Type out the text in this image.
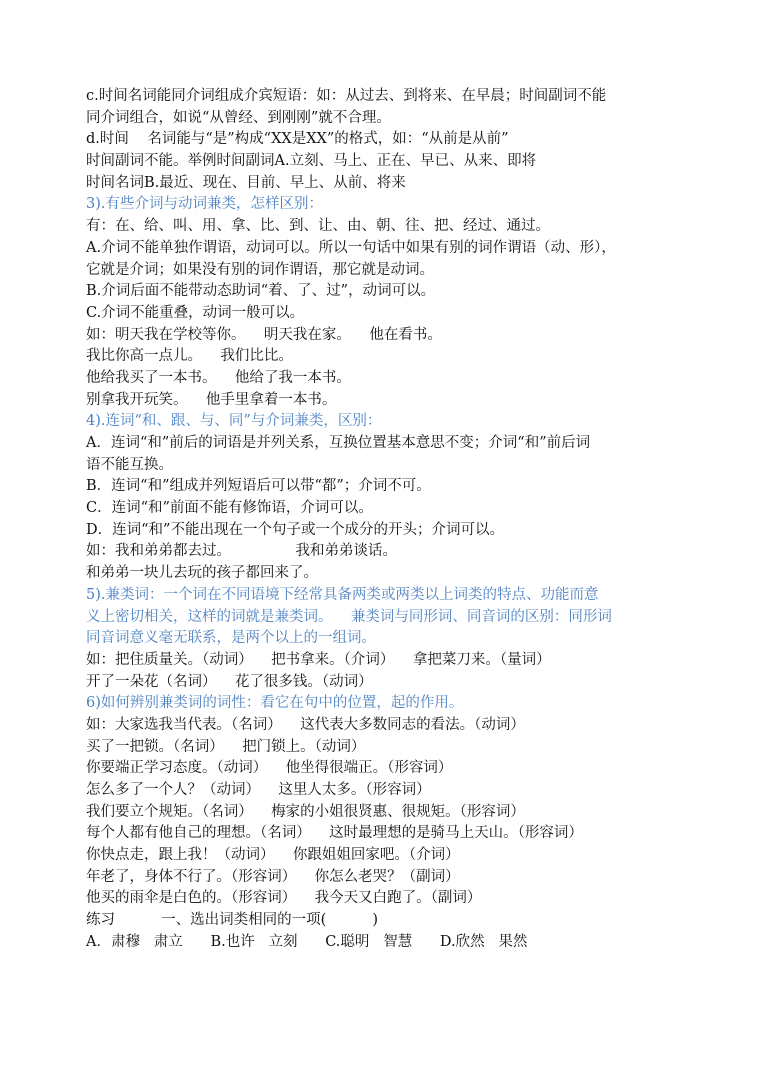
c.时间名词能同介词组成介宾短语：如：从过去、到将来、在早晨；时间副词不能
同介词组合，如说“从曾经、到刚刚”就不合理。
d.时间    名词能与“是”构成“XX是XX”的格式，如：“从前是从前”
时间副词不能。举例时间副词A.立刻、马上、正在、早已、从来、即将
时间名词B.最近、现在、目前、早上、从前、将来
3).有些介词与动词兼类，怎样区别：
有：在、给、叫、用、拿、比、到、让、由、朝、往、把、经过、通过。
A.介词不能单独作谓语，动词可以。所以一句话中如果有别的词作谓语（动、形），
它就是介词；如果没有别的词作谓语，那它就是动词。
B.介词后面不能带动态助词“着、了、过”，动词可以。
C.介词不能重叠，动词一般可以。
如：明天我在学校等你。    明天我在家。    他在看书。
我比你高一点儿。    我们比比。
他给我买了一本书。    他给了我一本书。
别拿我开玩笑。    他手里拿着一本书。
4).连词“和、跟、与、同”与介词兼类，区别：
A．连词“和”前后的词语是并列关系，互换位置基本意思不变；介词“和”前后词
语不能互换。
B．连词“和”组成并列短语后可以带“都”；介词不可。
C．连词“和”前面不能有修饰语，介词可以。
D．连词“和”不能出现在一个句子或一个成分的开头；介词可以。
如：我和弟弟都去过。              我和弟弟谈话。
和弟弟一块儿去玩的孩子都回来了。
5).兼类词：一个词在不同语境下经常具备两类或两类以上词类的特点、功能而意
义上密切相关，这样的词就是兼类词。    兼类词与同形词、同音词的区别：同形词
同音词意义毫无联系，是两个以上的一组词。
如：把住质量关。（动词）    把书拿来。（介词）    拿把菜刀来。（量词）
开了一朵花（名词）    花了很多钱。（动词）
6)如何辨别兼类词的词性：看它在句中的位置，起的作用。
如：大家选我当代表。（名词）    这代表大多数同志的看法。（动词）
买了一把锁。（名词）    把门锁上。（动词）
你要端正学习态度。（动词）    他坐得很端正。（形容词）
怎么多了一个人？（动词）    这里人太多。（形容词）
我们要立个规矩。（名词）    梅家的小姐很贤惠、很规矩。（形容词）
每个人都有他自己的理想。（名词）    这时最理想的是骑马上天山。（形容词）
你快点走，跟上我！（动词）    你跟姐姐回家吧。（介词）
年老了，身体不行了。（形容词）    你怎么老哭？（副词）
他买的雨伞是白色的。（形容词）    我今天又白跑了。（副词）
练习          一、选出词类相同的一项(          )
A．肃穆   肃立      B.也许   立刻      C.聪明   智慧      D.欣然   果然
